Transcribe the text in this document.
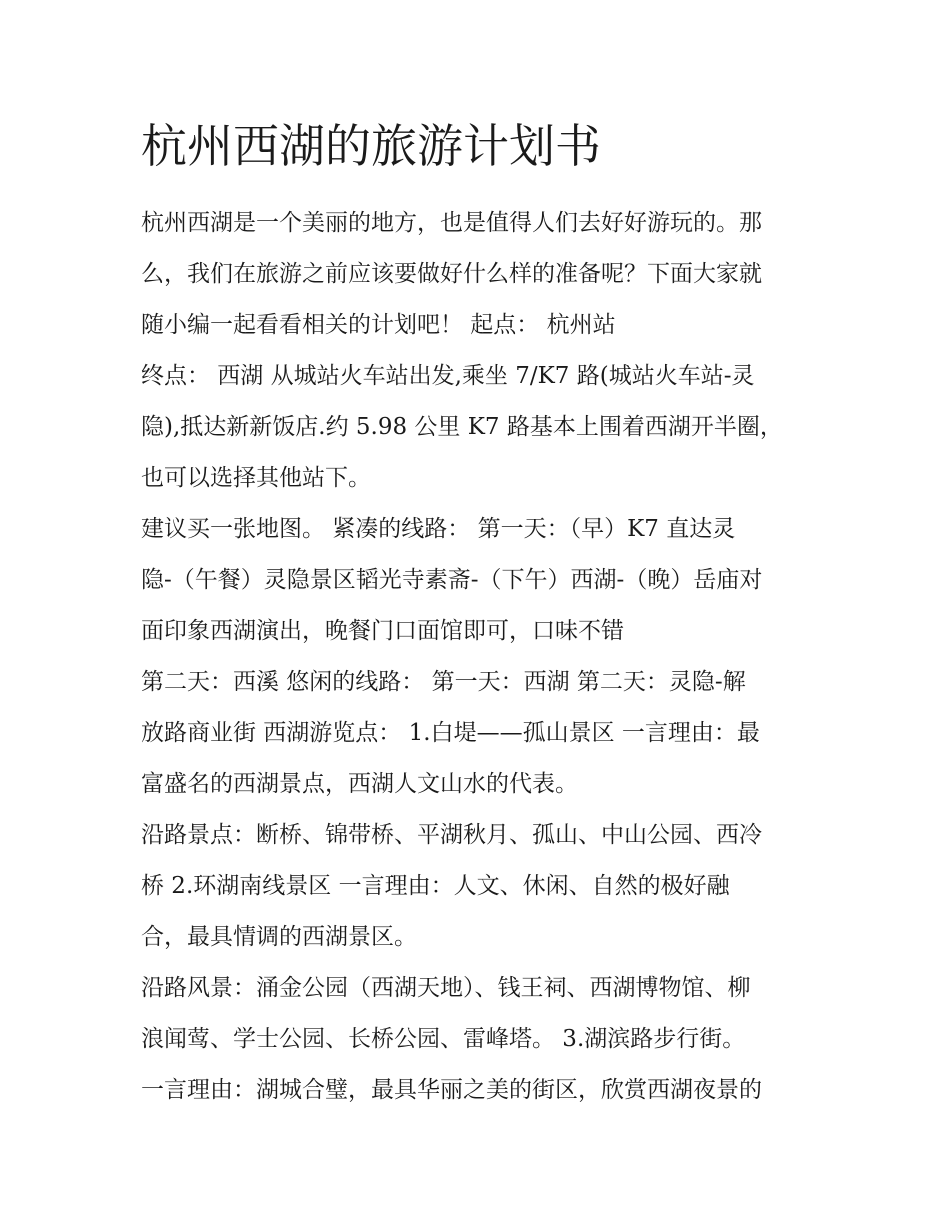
杭州西湖的旅游计划书
杭州西湖是一个美丽的地方，也是值得人们去好好游玩的。那
么，我们在旅游之前应该要做好什么样的准备呢？下面大家就
随小编一起看看相关的计划吧！ 起点： 杭州站
终点： 西湖 从城站火车站出发,乘坐 7/K7 路(城站火车站-灵
隐),抵达新新饭店.约 5.98 公里 K7 路基本上围着西湖开半圈，
也可以选择其他站下。
建议买一张地图。 紧凑的线路： 第一天：（早）K7 直达灵
隐-（午餐）灵隐景区韬光寺素斋-（下午）西湖-（晚）岳庙对
面印象西湖演出，晚餐门口面馆即可，口味不错
第二天：西溪 悠闲的线路： 第一天：西湖 第二天：灵隐-解
放路商业街 西湖游览点： 1.白堤——孤山景区 一言理由：最
富盛名的西湖景点，西湖人文山水的代表。
沿路景点：断桥、锦带桥、平湖秋月、孤山、中山公园、西冷
桥 2.环湖南线景区 一言理由：人文、休闲、自然的极好融
合，最具情调的西湖景区。
沿路风景：涌金公园（西湖天地）、钱王祠、西湖博物馆、柳
浪闻莺、学士公园、长桥公园、雷峰塔。 3.湖滨路步行街。
一言理由：湖城合璧，最具华丽之美的街区，欣赏西湖夜景的
